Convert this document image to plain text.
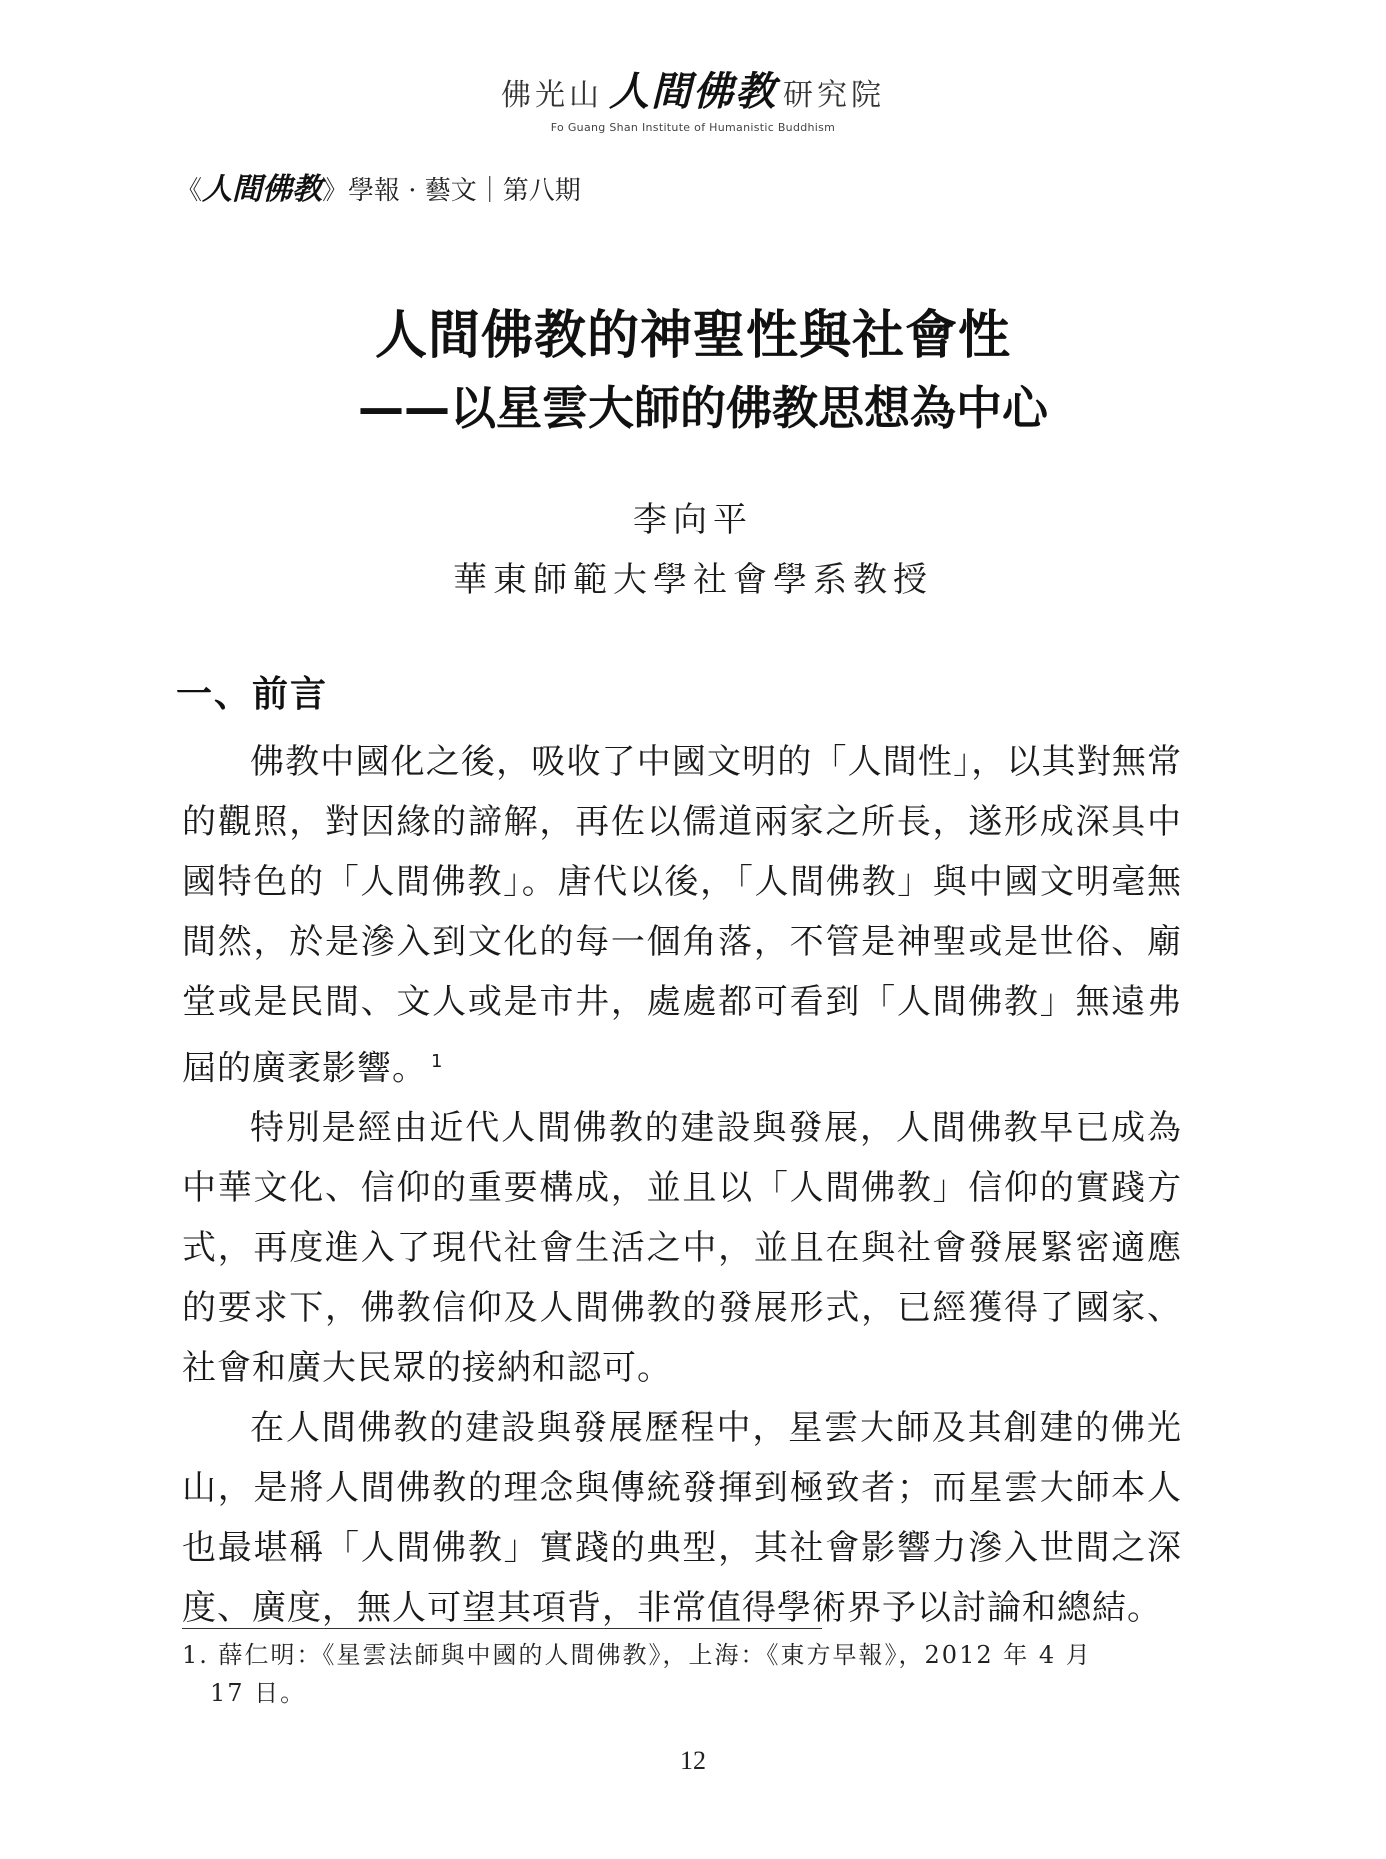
佛光山 人間佛教 研究院
Fo Guang Shan Institute of Humanistic Buddhism
《人間佛教》學報 · 藝文｜第八期
人間佛教的神聖性與社會性
——以星雲大師的佛教思想為中心
李向平
華東師範大學社會學系教授
一、前言

佛教中國化之後，吸收了中國文明的「人間性」，以其對無常的觀照，對因緣的諦解，再佐以儒道兩家之所長，遂形成深具中國特色的「人間佛教」。唐代以後，「人間佛教」與中國文明毫無間然，於是滲入到文化的每一個角落，不管是神聖或是世俗、廟堂或是民間、文人或是市井，處處都可看到「人間佛教」無遠弗屆的廣袤影響。 $^1$

特別是經由近代人間佛教的建設與發展，人間佛教早已成為中華文化、信仰的重要構成，並且以「人間佛教」信仰的實踐方式，再度進入了現代社會生活之中，並且在與社會發展緊密適應的要求下，佛教信仰及人間佛教的發展形式，已經獲得了國家、社會和廣大民眾的接納和認可。

在人間佛教的建設與發展歷程中，星雲大師及其創建的佛光山，是將人間佛教的理念與傳統發揮到極致者；而星雲大師本人也最堪稱「人間佛教」實踐的典型，其社會影響力滲入世間之深度、廣度，無人可望其項背，非常值得學術界予以討論和總結。

1. 薛仁明：《星雲法師與中國的人間佛教》，上海：《東方早報》，2012 年 4 月
17 日。
12
